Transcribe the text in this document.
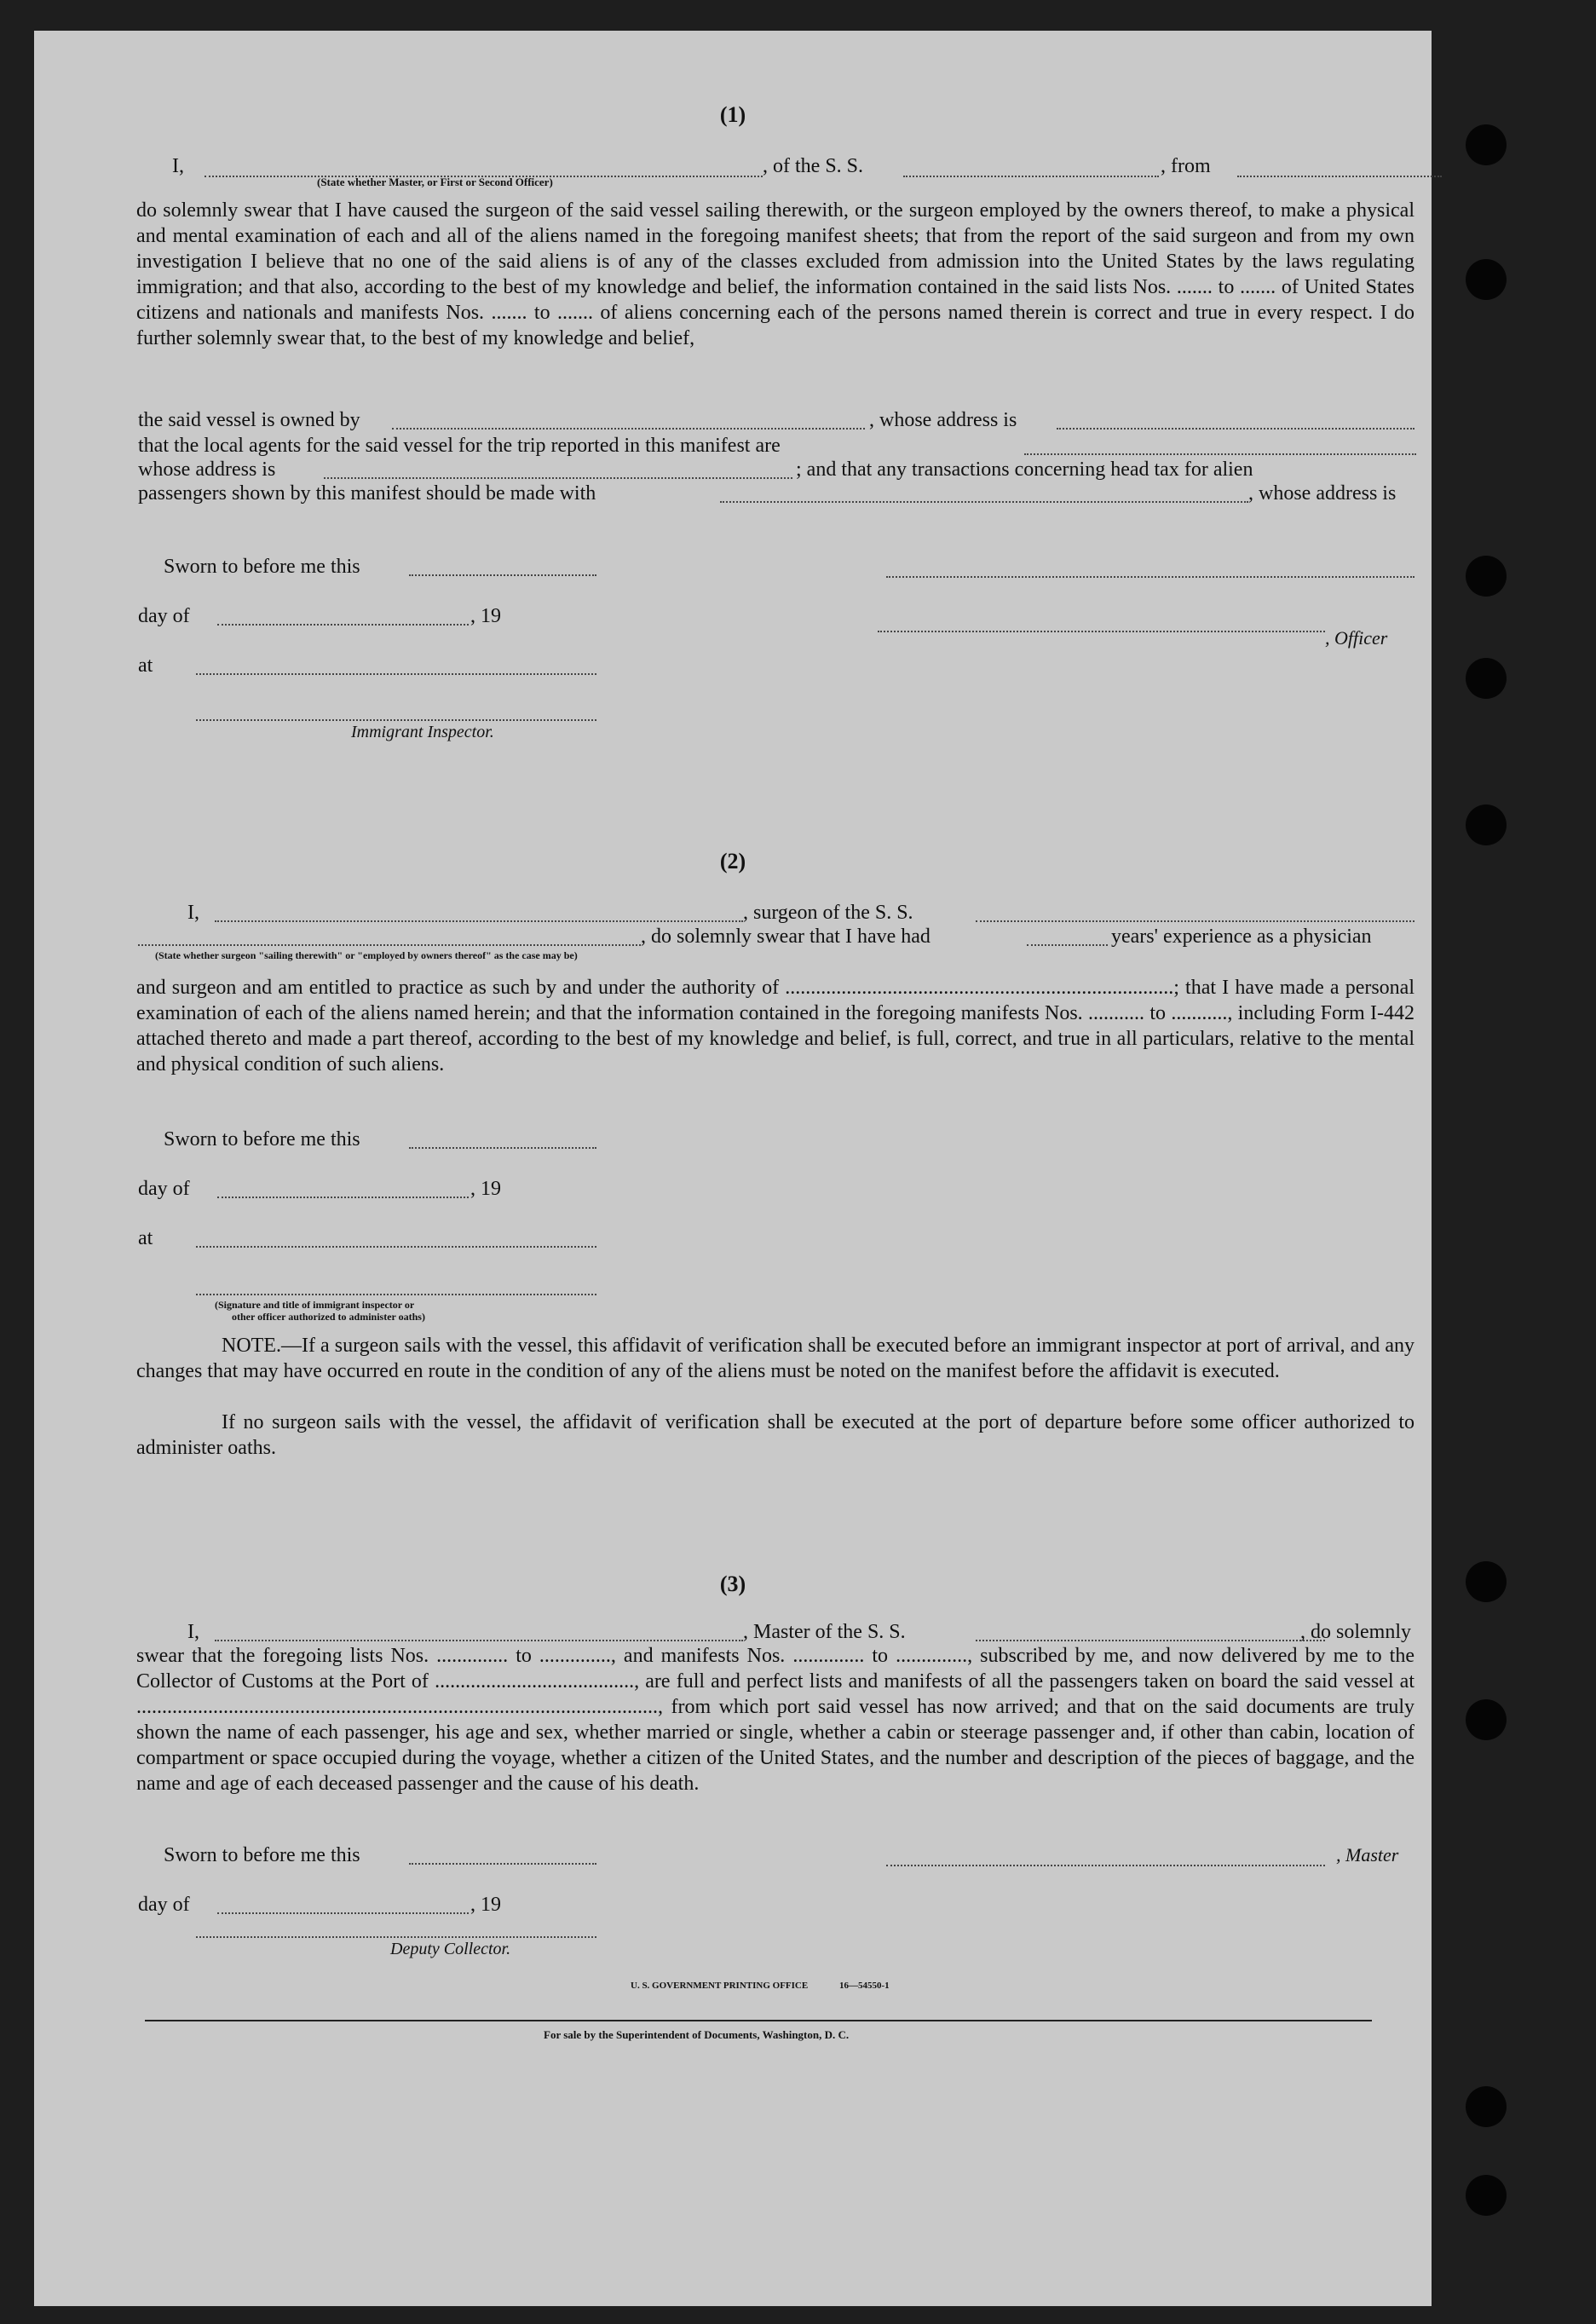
(1)
I,	, of the S. S.	, from
(State whether Master, or First or Second Officer)
do solemnly swear that I have caused the surgeon of the said vessel sailing therewith, or the surgeon employed by the owners thereof, to make a physical and mental examination of each and all of the aliens named in the foregoing manifest sheets; that from the report of the said surgeon and from my own investigation I believe that no one of the said aliens is of any of the classes excluded from admission into the United States by the laws regulating immigration; and that also, according to the best of my knowledge and belief, the information contained in the said lists Nos. ....... to ....... of United States citizens and nationals and manifests Nos. ....... to ....... of aliens concerning each of the persons named therein is correct and true in every respect. I do further solemnly swear that, to the best of my knowledge and belief,
the said vessel is owned by	, whose address is
that the local agents for the said vessel for the trip reported in this manifest are
whose address is	; and that any transactions concerning head tax for alien
passengers shown by this manifest should be made with	, whose address is
Sworn to before me this
day of	, 19
, Officer
at
Immigrant Inspector.
(2)
I,	, surgeon of the S. S.
, do solemnly swear that I have had	years' experience as a physician
(State whether surgeon "sailing therewith" or "employed by owners thereof" as the case may be)
and surgeon and am entitled to practice as such by and under the authority of ............................................................................; that I have made a personal examination of each of the aliens named herein; and that the information contained in the foregoing manifests Nos. ........... to ..........., including Form I-442 attached thereto and made a part thereof, according to the best of my knowledge and belief, is full, correct, and true in all particulars, relative to the mental and physical condition of such aliens.
Sworn to before me this
day of	, 19
at
(Signature and title of immigrant inspector or
other officer authorized to administer oaths)
NOTE.—If a surgeon sails with the vessel, this affidavit of verification shall be executed before an immigrant inspector at port of arrival, and any changes that may have occurred en route in the condition of any of the aliens must be noted on the manifest before the affidavit is executed.
If no surgeon sails with the vessel, the affidavit of verification shall be executed at the port of departure before some officer authorized to administer oaths.
(3)
I,	, Master of the S. S.	, do solemnly
swear that the foregoing lists Nos. .............. to .............., and manifests Nos. .............. to .............., subscribed by me, and now delivered by me to the Collector of Customs at the Port of ......................................., are full and perfect lists and manifests of all the passengers taken on board the said vessel at ......................................................................................................, from which port said vessel has now arrived; and that on the said documents are truly shown the name of each passenger, his age and sex, whether married or single, whether a cabin or steerage passenger and, if other than cabin, location of compartment or space occupied during the voyage, whether a citizen of the United States, and the number and description of the pieces of baggage, and the name and age of each deceased passenger and the cause of his death.
Sworn to before me this	, Master
day of	, 19
Deputy Collector.
U. S. GOVERNMENT PRINTING OFFICE	16—54550-1
For sale by the Superintendent of Documents, Washington, D. C.
